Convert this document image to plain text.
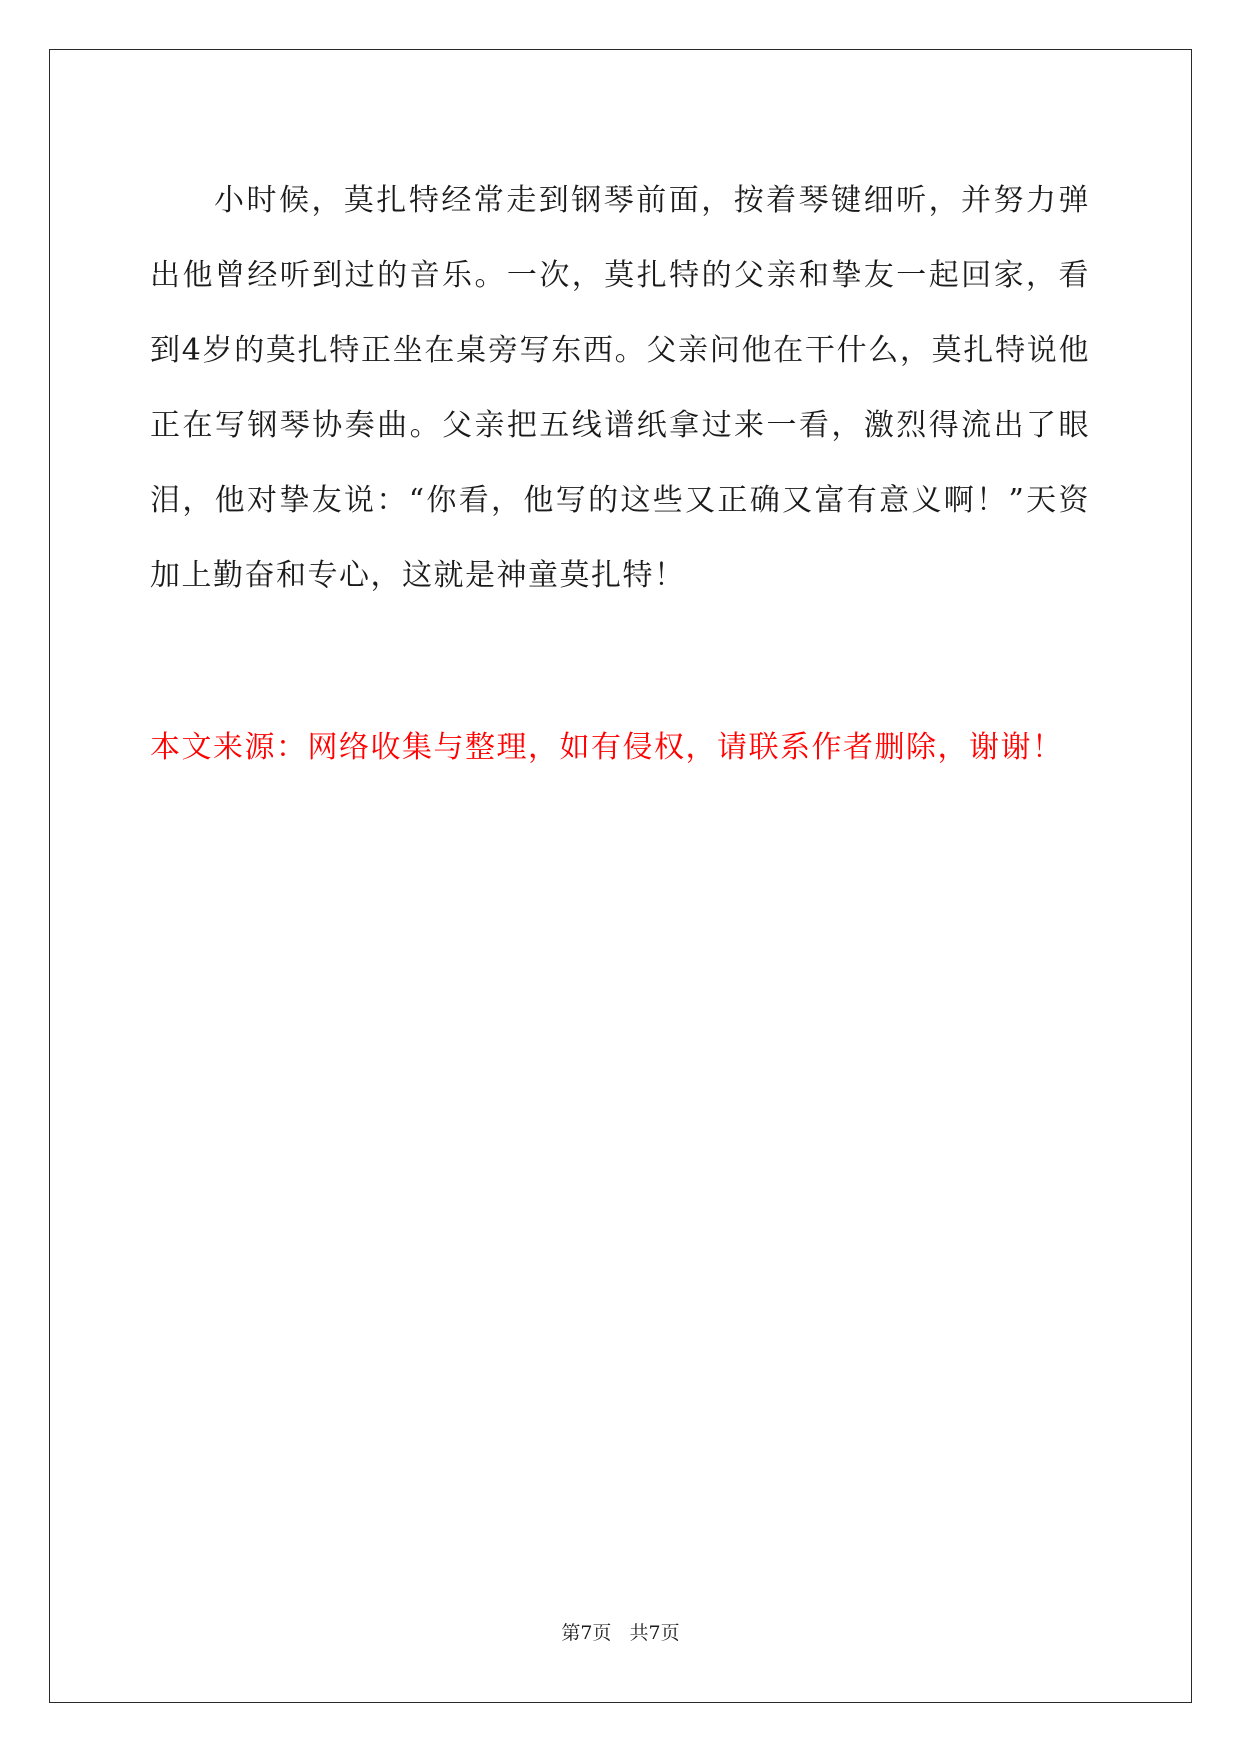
小时候，莫扎特经常走到钢琴前面，按着琴键细听，并努力弹出他曾经听到过的音乐。一次，莫扎特的父亲和挚友一起回家，看到4岁的莫扎特正坐在桌旁写东西。父亲问他在干什么，莫扎特说他正在写钢琴协奏曲。父亲把五线谱纸拿过来一看，激烈得流出了眼泪，他对挚友说：“你看，他写的这些又正确又富有意义啊！”天资加上勤奋和专心，这就是神童莫扎特！

本文来源：网络收集与整理，如有侵权，请联系作者删除，谢谢！

第7页   共7页
